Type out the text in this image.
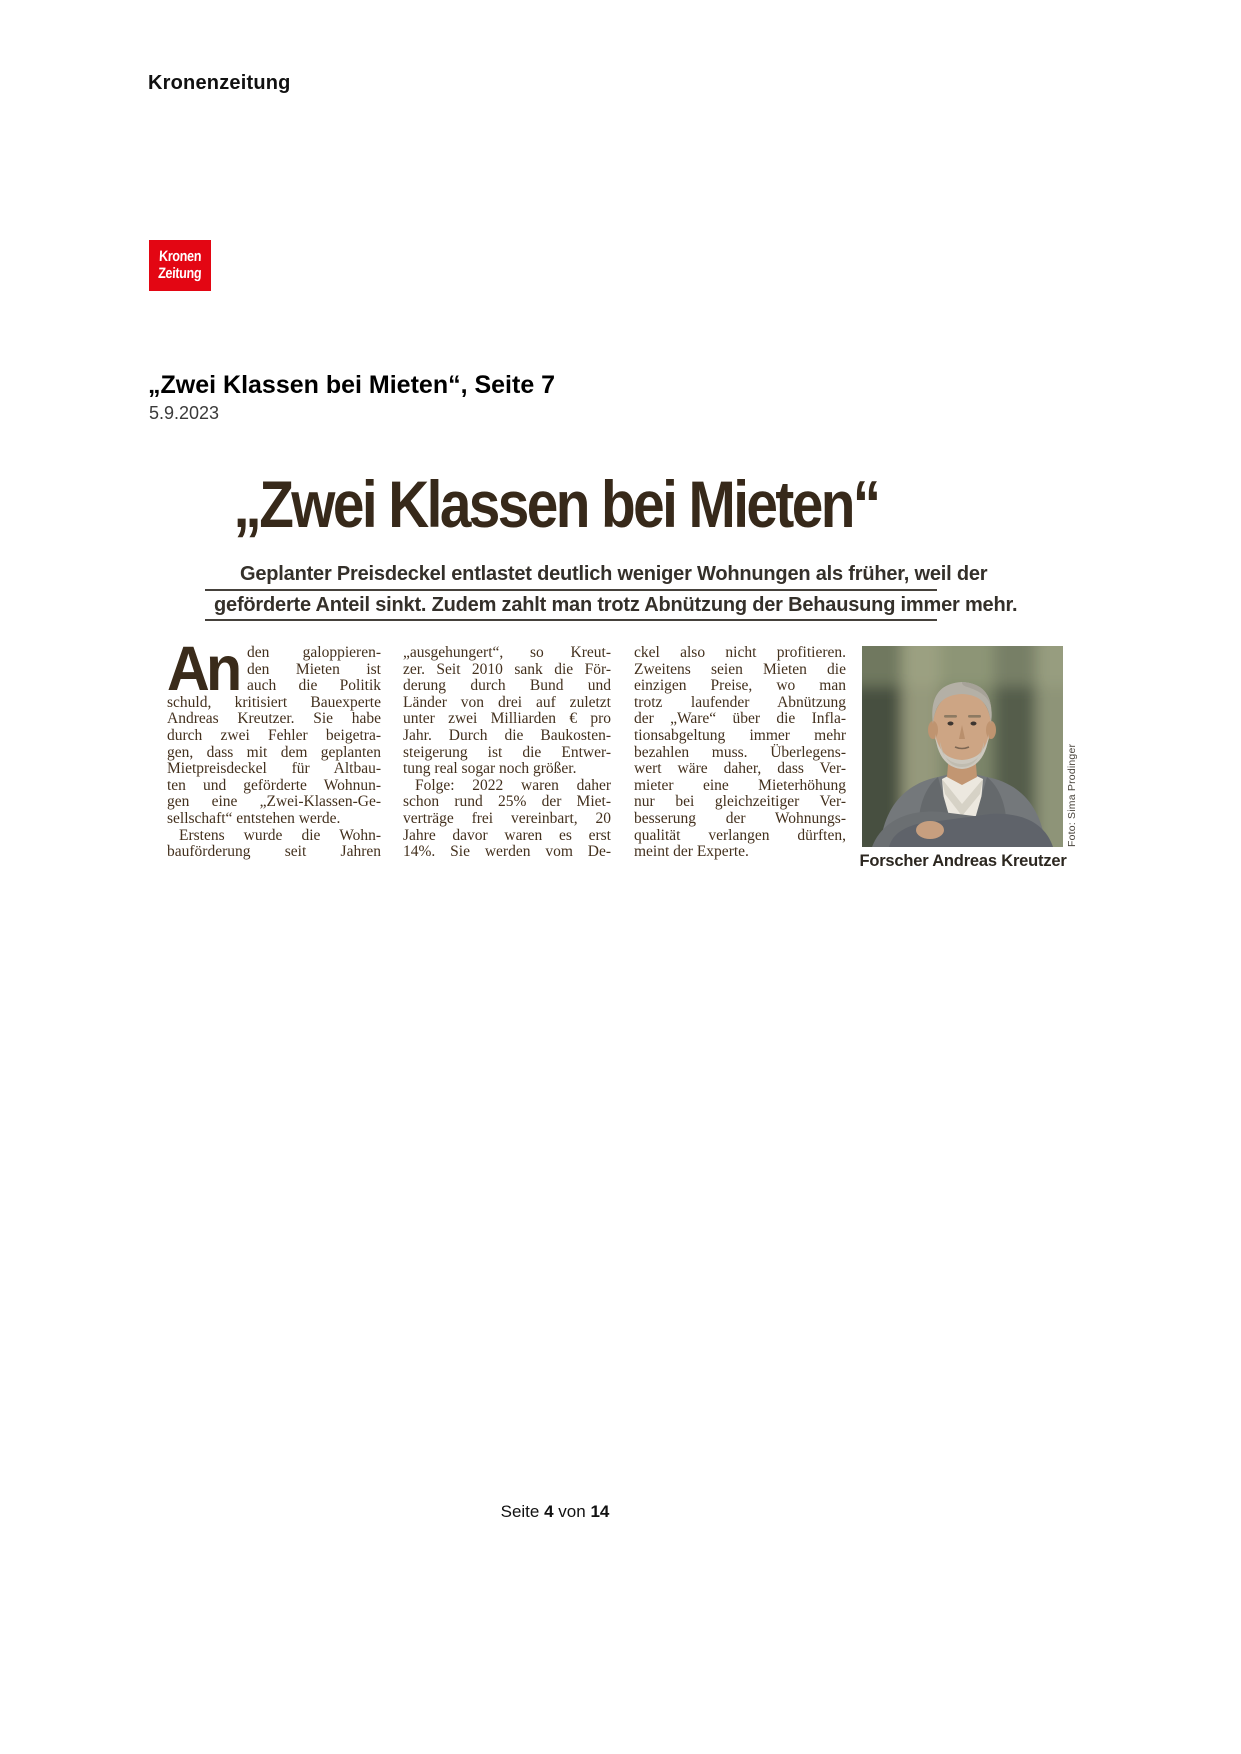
Kronenzeitung
Kronen
Zeitung
„Zwei Klassen bei Mieten“, Seite 7
5.9.2023
„Zwei Klassen bei Mieten“
Geplanter Preisdeckel entlastet deutlich weniger Wohnungen als früher, weil der
geförderte Anteil sinkt. Zudem zahlt man trotz Abnützung der Behausung immer mehr.
An den galoppieren-
den Mieten ist
auch die Politik
schuld, kritisiert Bauexperte
Andreas Kreutzer. Sie habe
durch zwei Fehler beigetra-
gen, dass mit dem geplanten
Mietpreisdeckel für Altbau-
ten und geförderte Wohnun-
gen eine „Zwei-Klassen-Ge-
sellschaft“ entstehen werde.
Erstens wurde die Wohn-
bauförderung seit Jahren
„ausgehungert“, so Kreut-
zer. Seit 2010 sank die För-
derung durch Bund und
Länder von drei auf zuletzt
unter zwei Milliarden € pro
Jahr. Durch die Baukosten-
steigerung ist die Entwer-
tung real sogar noch größer.
Folge: 2022 waren daher
schon rund 25% der Miet-
verträge frei vereinbart, 20
Jahre davor waren es erst
14%. Sie werden vom De-
ckel also nicht profitieren.
Zweitens seien Mieten die
einzigen Preise, wo man
trotz laufender Abnützung
der „Ware“ über die Infla-
tionsabgeltung immer mehr
bezahlen muss. Überlegens-
wert wäre daher, dass Ver-
mieter eine Mieterhöhung
nur bei gleichzeitiger Ver-
besserung der Wohnungs-
qualität verlangen dürften,
meint der Experte.
Foto: Sima Prodinger
Forscher Andreas Kreutzer
Seite 4 von 14
